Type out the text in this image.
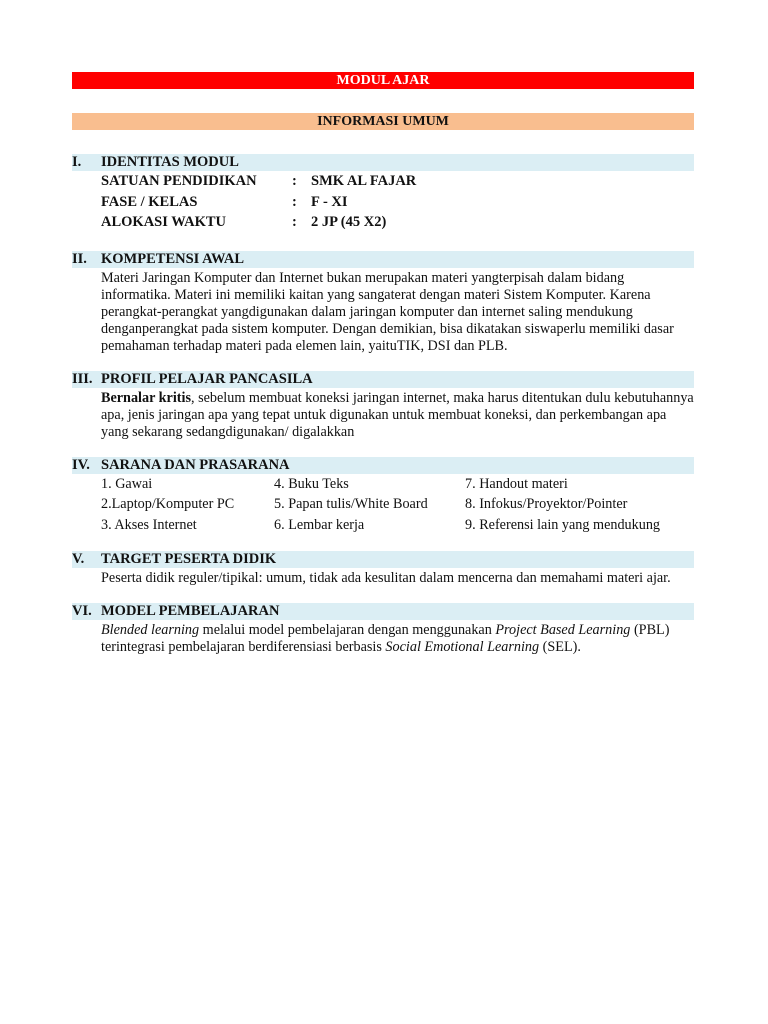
MODUL AJAR
INFORMASI UMUM
I.	IDENTITAS MODUL
SATUAN PENDIDIKAN	: SMK AL FAJAR
FASE / KELAS	: F - XI
ALOKASI WAKTU	: 2 JP (45 X2)
II. KOMPETENSI AWAL

Materi Jaringan Komputer dan Internet bukan merupakan materi yangterpisah dalam bidang informatika. Materi ini memiliki kaitan yang sangaterat dengan materi Sistem Komputer. Karena perangkat-perangkat yangdigunakan dalam jaringan komputer dan internet saling mendukung denganperangkat pada sistem komputer. Dengan demikian, bisa dikatakan siswaperlu memiliki dasar pemahaman terhadap materi pada elemen lain, yaituTIK, DSI dan PLB.

III. PROFIL PELAJAR PANCASILA

Bernalar kritis, sebelum membuat koneksi jaringan internet, maka harus ditentukan dulu kebutuhannya apa, jenis jaringan apa yang tepat untuk digunakan untuk membuat koneksi, dan perkembangan apa yang sekarang sedangdigunakan/ digalakkan

IV. SARANA DAN PRASARANA
1. Gawai	4. Buku Teks	7. Handout materi
2.Laptop/Komputer PC	5. Papan tulis/White Board	8. Infokus/Proyektor/Pointer
3. Akses Internet	6. Lembar kerja	9. Referensi lain yang mendukung
V.	TARGET PESERTA DIDIK

Peserta didik reguler/tipikal: umum, tidak ada kesulitan dalam mencerna dan memahami materi ajar.

VI. MODEL PEMBELAJARAN

Blended learning melalui model pembelajaran dengan menggunakan Project Based Learning (PBL) terintegrasi pembelajaran berdiferensiasi berbasis Social Emotional Learning (SEL).
